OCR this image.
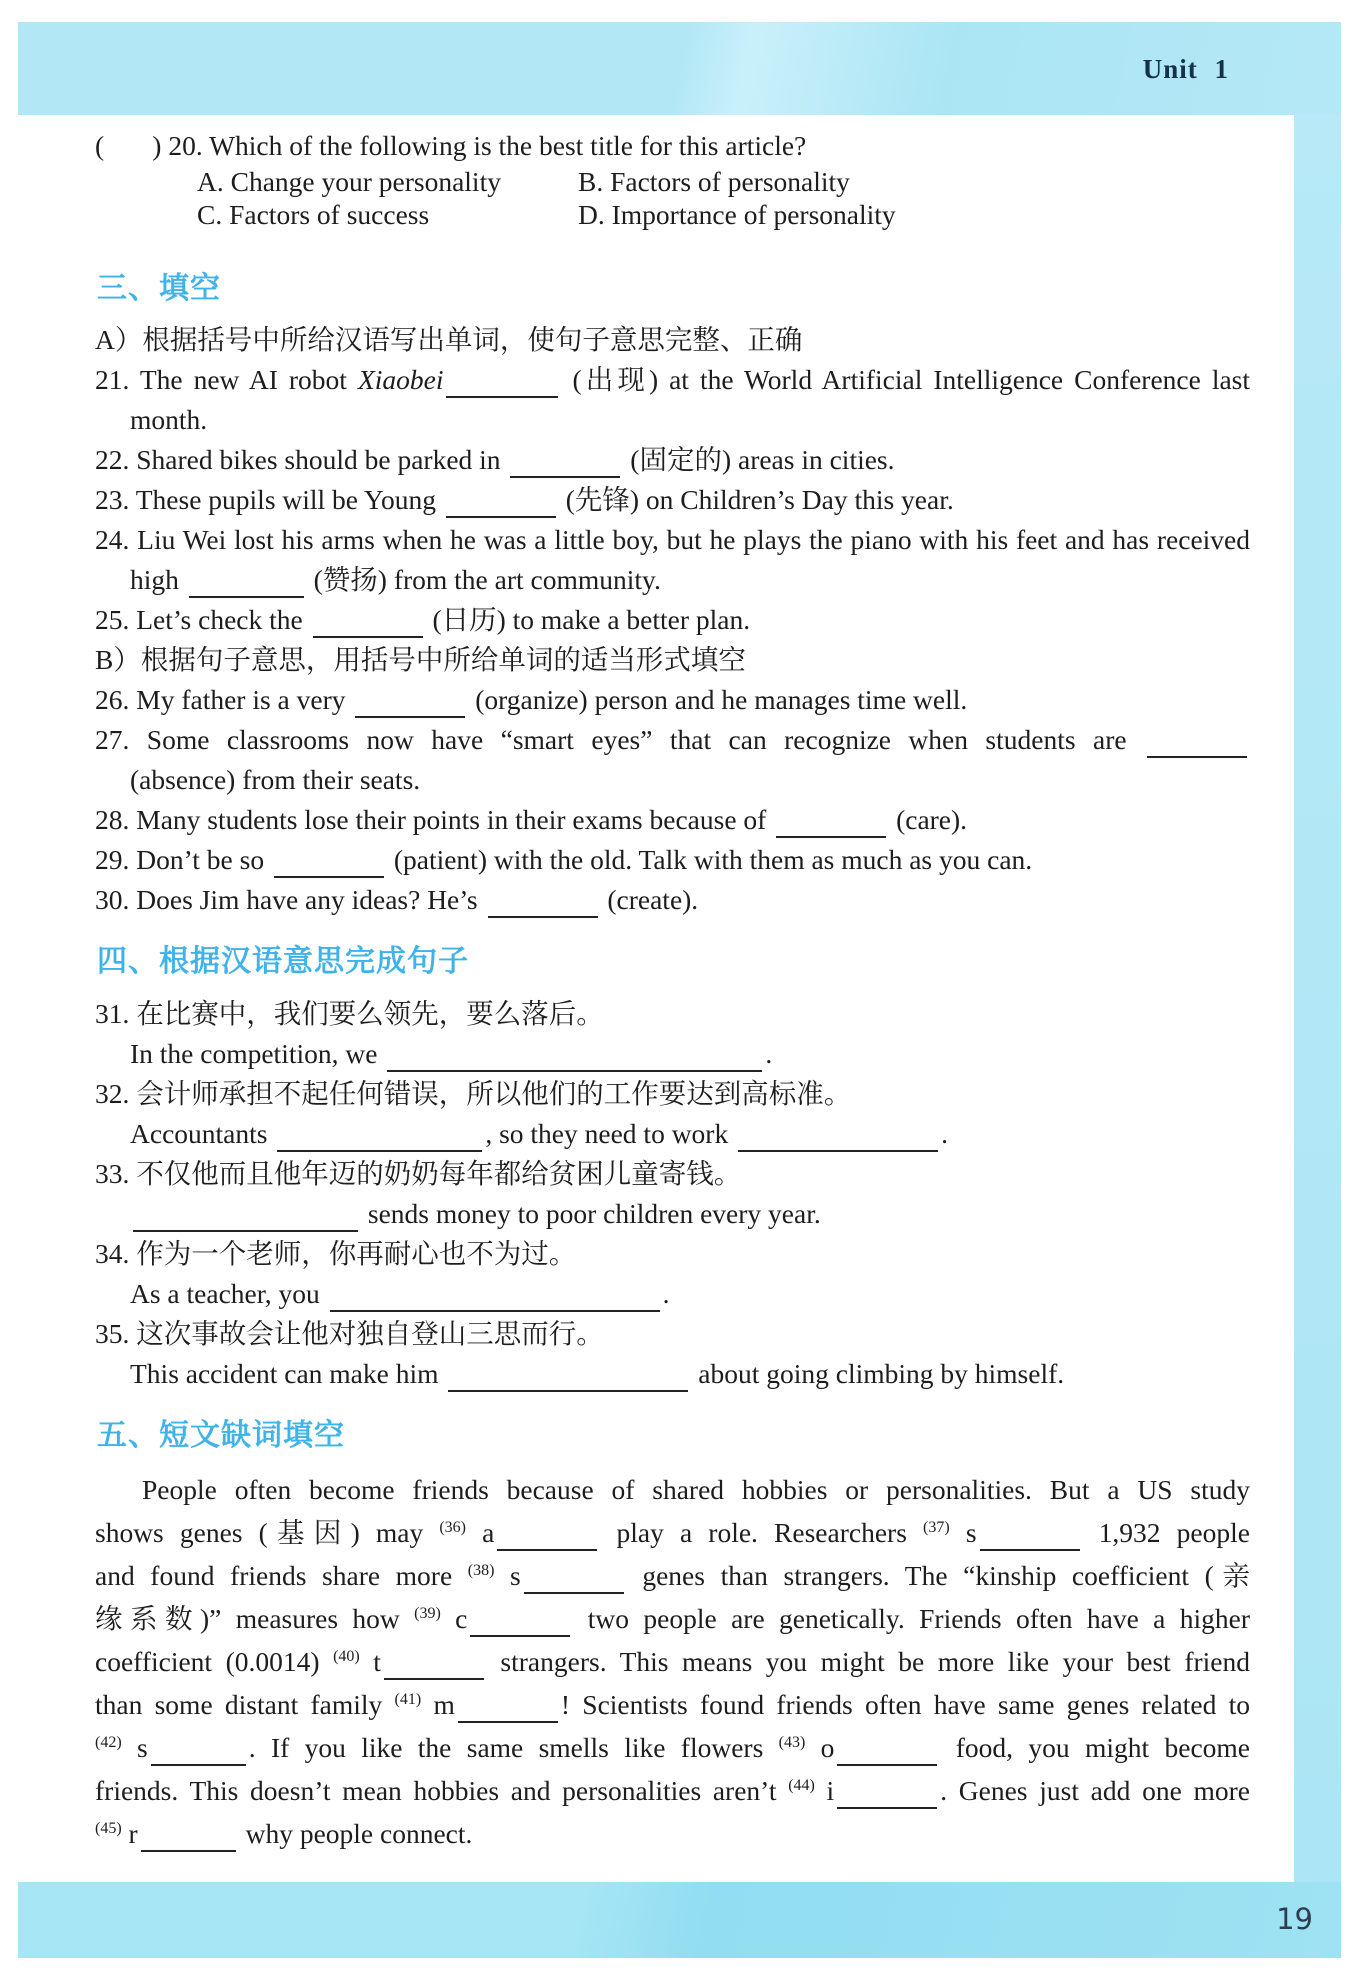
Unit 1
19
(       ) 20. Which of the following is the best title for this article?
A. Change your personality	B. Factors of personality
C. Factors of success	D. Importance of personality
三、填空
A）根据括号中所给汉语写出单词，使句子意思完整、正确
21. The new AI robot Xiaobei	(出现) at the World Artificial Intelligence Conference last
month.
22. Shared bikes should be parked in	(固定的) areas in cities.
23. These pupils will be Young	(先锋) on Children’s Day this year.
24. Liu Wei lost his arms when he was a little boy, but he plays the piano with his feet and has received
high	(赞扬) from the art community.
25. Let’s check the	(日历) to make a better plan.
B）根据句子意思，用括号中所给单词的适当形式填空
26. My father is a very	(organize) person and he manages time well.
27. Some classrooms now have “smart eyes” that can recognize when students are
(absence) from their seats.
28. Many students lose their points in their exams because of	(care).
29. Don’t be so	(patient) with the old. Talk with them as much as you can.
30. Does Jim have any ideas? He’s	(create).
四、根据汉语意思完成句子
31. 在比赛中，我们要么领先，要么落后。
In the competition, we	.
32. 会计师承担不起任何错误，所以他们的工作要达到高标准。
Accountants	, so they need to work	.
33. 不仅他而且他年迈的奶奶每年都给贫困儿童寄钱。
sends money to poor children every year.
34. 作为一个老师，你再耐心也不为过。
As a teacher, you	.
35. 这次事故会让他对独自登山三思而行。
This accident can make him	about going climbing by himself.
五、短文缺词填空
People often become friends because of shared hobbies or personalities. But a US study
shows genes (基因) may $^{(36)}$ a	play a role. Researchers $^{(37)}$ s	1,932 people
and found friends share more $^{(38)}$ s	genes than strangers. The “kinship coefficient (亲
缘系数)” measures how $^{(39)}$ c	two people are genetically. Friends often have a higher
coefficient (0.0014) $^{(40)}$ t	strangers. This means you might be more like your best friend
than some distant family $^{(41)}$ m	! Scientists found friends often have same genes related to
$^{(42)}$ s	. If you like the same smells like flowers $^{(43)}$ o	food, you might become
friends. This doesn’t mean hobbies and personalities aren’t $^{(44)}$ i	. Genes just add one more
$^{(45)}$ r	why people connect.
